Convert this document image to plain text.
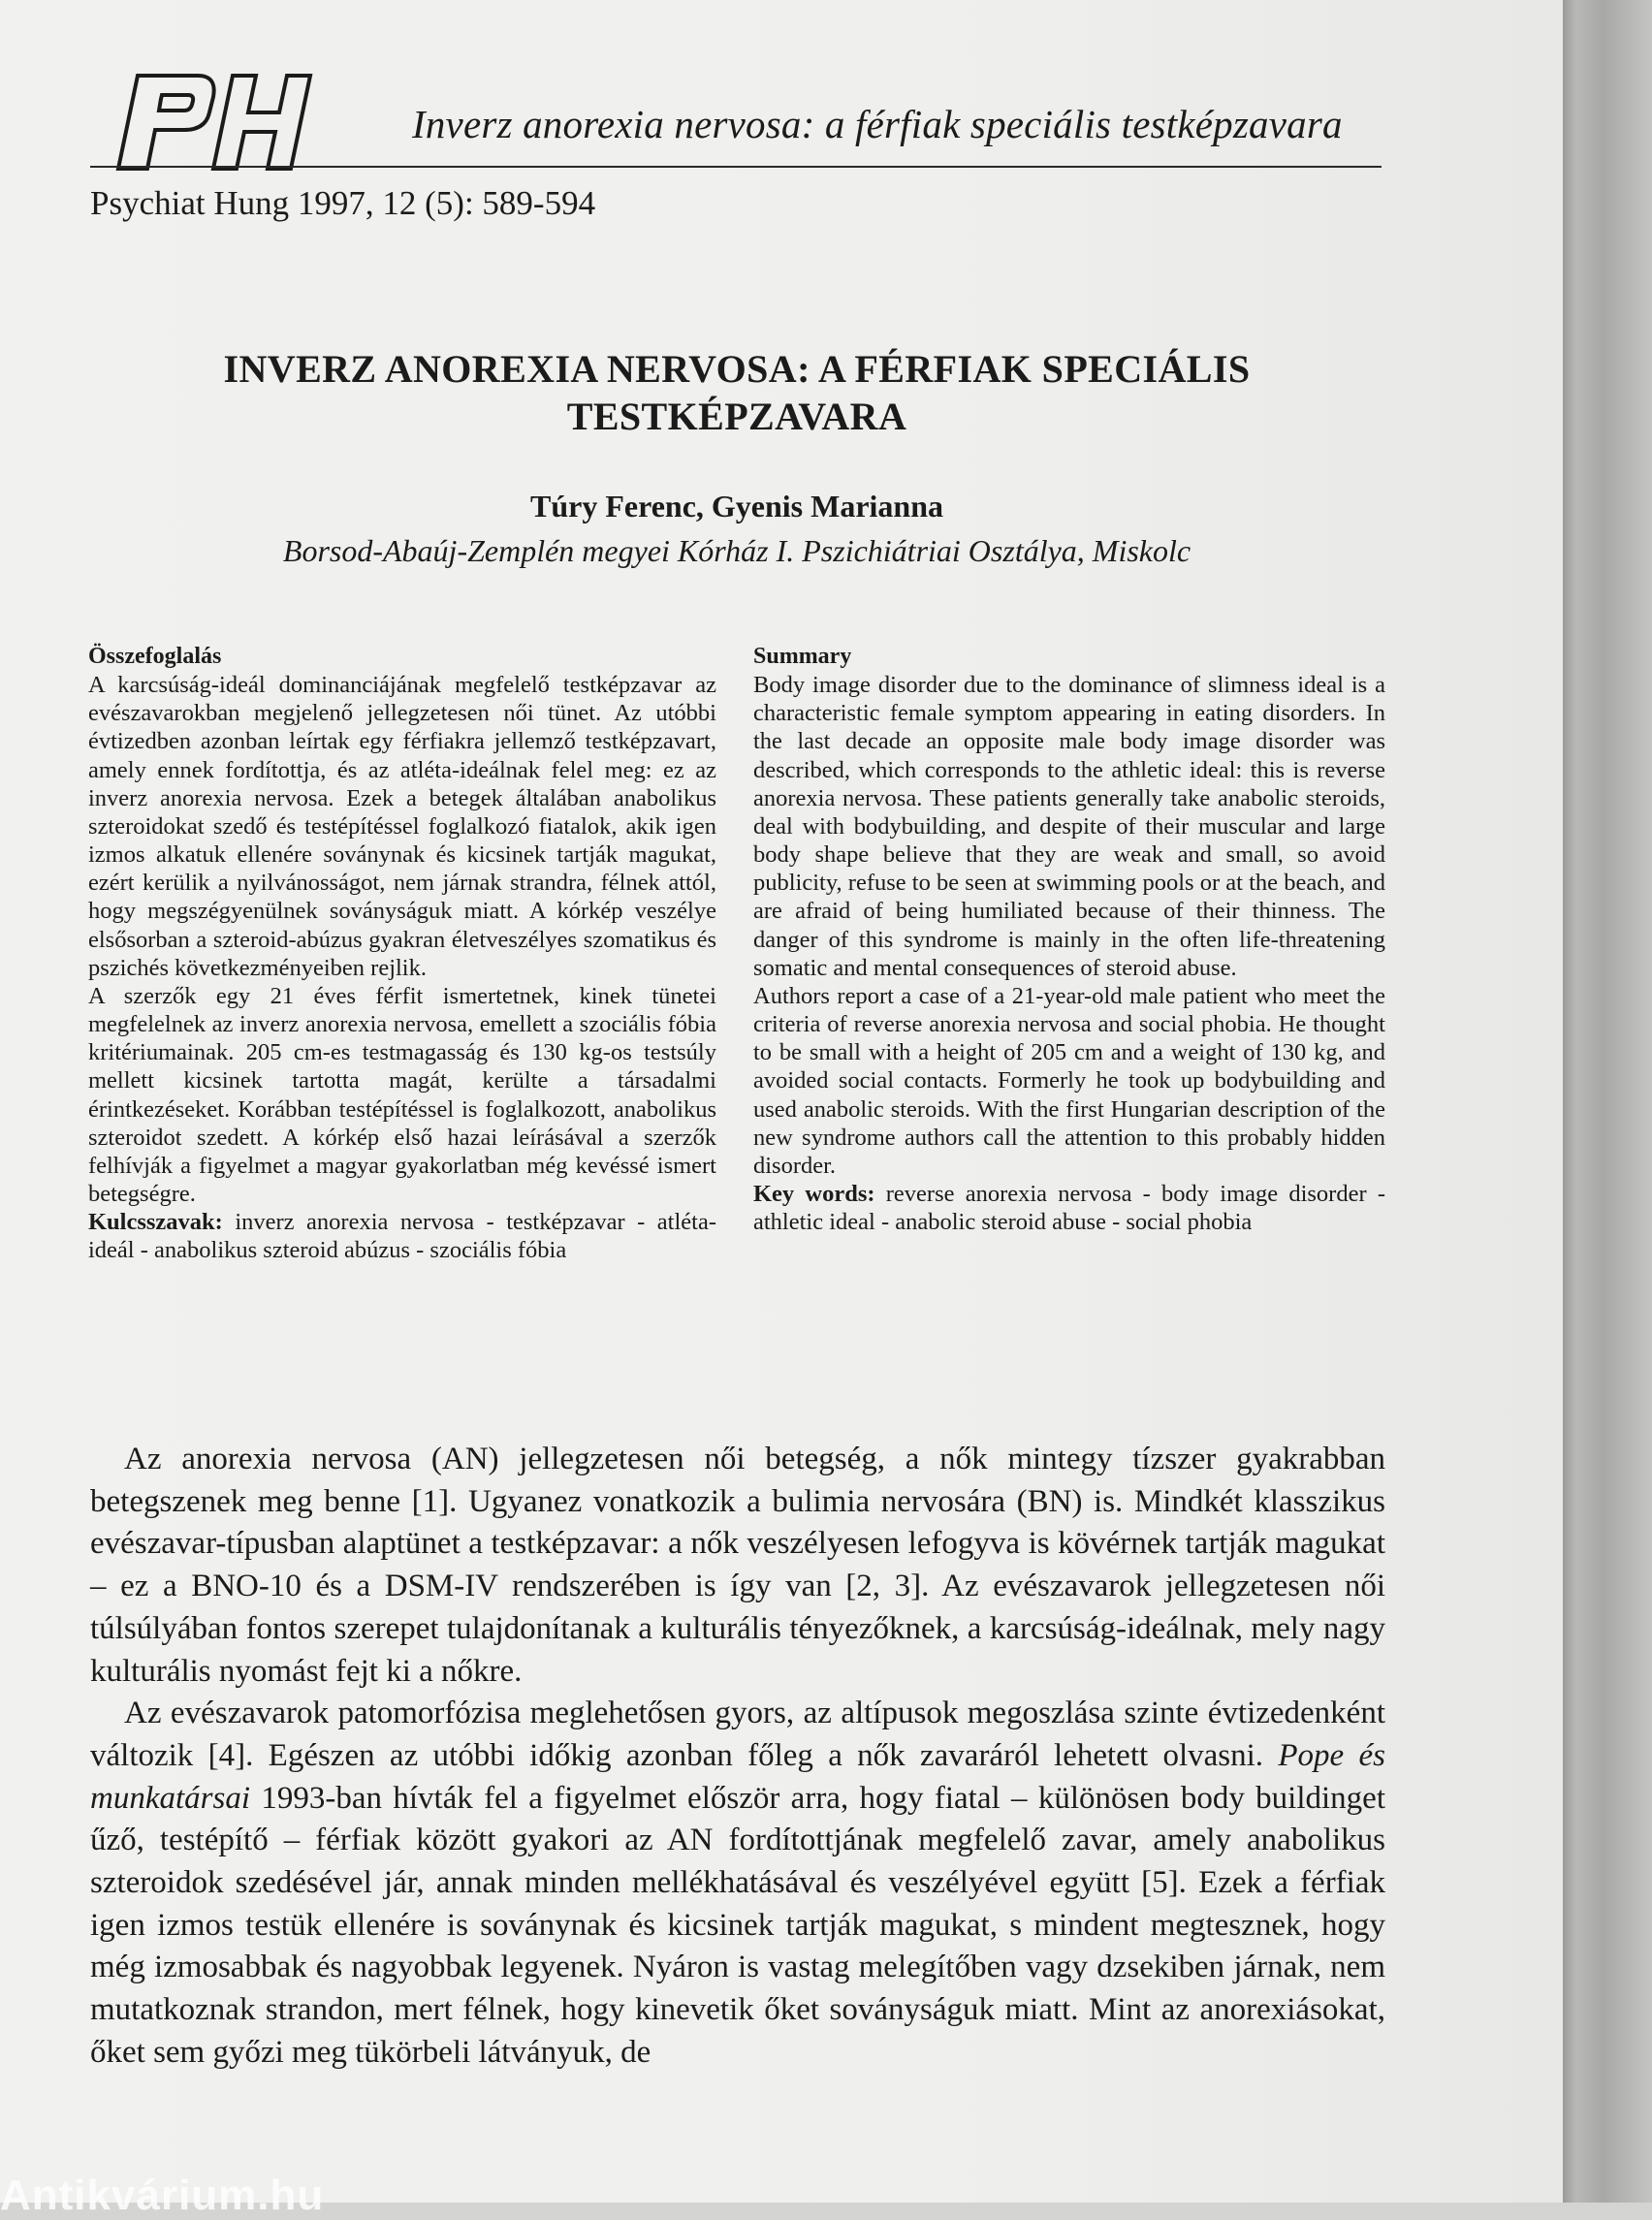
Inverz anorexia nervosa: a férfiak speciális testképzavara
Psychiat Hung 1997, 12 (5): 589-594
INVERZ ANOREXIA NERVOSA: A FÉRFIAK SPECIÁLIS
TESTKÉPZAVARA
Túry Ferenc, Gyenis Marianna
Borsod-Abaúj-Zemplén megyei Kórház I. Pszichiátriai Osztálya, Miskolc
Összefoglalás

A karcsúság-ideál dominanciájának megfelelő testképzavar az evészavarokban megjelenő jellegzetesen női tünet. Az utóbbi évtizedben azonban leírtak egy férfiakra jellemző testképzavart, amely ennek fordítottja, és az atléta-ideálnak felel meg: ez az inverz anorexia nervosa. Ezek a betegek általában anabolikus szteroidokat szedő és testépítéssel foglalkozó fiatalok, akik igen izmos alkatuk ellenére soványnak és kicsinek tartják magukat, ezért kerülik a nyilvánosságot, nem járnak strandra, félnek attól, hogy megszégyenülnek soványságuk miatt. A kórkép veszélye elsősorban a szteroid-abúzus gyakran életveszélyes szomatikus és pszichés következményeiben rejlik.

A szerzők egy 21 éves férfit ismertetnek, kinek tünetei megfelelnek az inverz anorexia nervosa, emellett a szociális fóbia kritériumainak. 205 cm-es testmagasság és 130 kg-os testsúly mellett kicsinek tartotta magát, kerülte a társadalmi érintkezéseket. Korábban testépítéssel is foglalkozott, anabolikus szteroidot szedett. A kórkép első hazai leírásával a szerzők felhívják a figyelmet a magyar gyakorlatban még kevéssé ismert betegségre.

Kulcsszavak: inverz anorexia nervosa - testképzavar - atléta-ideál - anabolikus szteroid abúzus - szociális fóbia

Summary

Body image disorder due to the dominance of slimness ideal is a characteristic female symptom appearing in eating disorders. In the last decade an opposite male body image disorder was described, which corresponds to the athletic ideal: this is reverse anorexia nervosa. These patients generally take anabolic steroids, deal with bodybuilding, and despite of their muscular and large body shape believe that they are weak and small, so avoid publicity, refuse to be seen at swimming pools or at the beach, and are afraid of being humiliated because of their thinness. The danger of this syndrome is mainly in the often life-threatening somatic and mental consequences of steroid abuse.

Authors report a case of a 21-year-old male patient who meet the criteria of reverse anorexia nervosa and social phobia. He thought to be small with a height of 205 cm and a weight of 130 kg, and avoided social contacts. Formerly he took up bodybuilding and used anabolic steroids. With the first Hungarian description of the new syndrome authors call the attention to this probably hidden disorder.

Key words: reverse anorexia nervosa - body image disorder - athletic ideal - anabolic steroid abuse - social phobia

Az anorexia nervosa (AN) jellegzetesen női betegség, a nők mintegy tízszer gyakrabban betegszenek meg benne [1]. Ugyanez vonatkozik a bulimia nervosára (BN) is. Mindkét klasszikus evészavar-típusban alaptünet a testképzavar: a nők veszélyesen lefogyva is kövérnek tartják magukat – ez a BNO-10 és a DSM-IV rendszerében is így van [2, 3]. Az evészavarok jellegzetesen női túlsúlyában fontos szerepet tulajdonítanak a kulturális tényezőknek, a karcsúság-ideálnak, mely nagy kulturális nyomást fejt ki a nőkre.

Az evészavarok patomorfózisa meglehetősen gyors, az altípusok megoszlása szinte évtizedenként változik [4]. Egészen az utóbbi időkig azonban főleg a nők zavaráról lehetett olvasni. Pope és munkatársai 1993-ban hívták fel a figyelmet először arra, hogy fiatal – különösen body buildinget űző, testépítő – férfiak között gyakori az AN fordítottjának megfelelő zavar, amely anabolikus szteroidok szedésével jár, annak minden mellékhatásával és veszélyével együtt [5]. Ezek a férfiak igen izmos testük ellenére is soványnak és kicsinek tartják magukat, s mindent megtesznek, hogy még izmosabbak és nagyobbak legyenek. Nyáron is vastag melegítőben vagy dzsekiben járnak, nem mutatkoznak strandon, mert félnek, hogy kinevetik őket soványságuk miatt. Mint az anorexiásokat, őket sem győzi meg tükörbeli látványuk, de

Antikvárium.hu
